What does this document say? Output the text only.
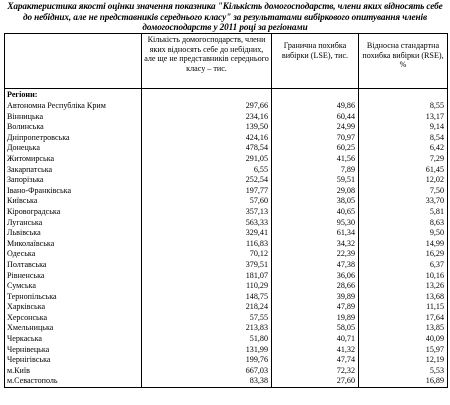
Характеристика якості оцінки значення показника "Кількість домогосподарств, члени яких відносять себе до небідних, але не представників середнього класу" за результатами вибіркового опитування членів домогосподарств у 2011 році за регіонами
	Кількість домогосподарств, члени яких відносять себе до небідних, але ще не представників середнього класу – тис.	Гранична похибка вибірки (LSE), тис.	Відносна стандартна похибка вибірки (RSE), %
Регіони:			
Автономна Республіка Крим	297,66	49,86	8,55
Вінницька	234,16	60,44	13,17
Волинська	139,50	24,99	9,14
Дніпропетровська	424,16	70,97	8,54
Донецька	478,54	60,25	6,42
Житомирська	291,05	41,56	7,29
Закарпатська	6,55	7,89	61,45
Запорізька	252,54	59,51	12,02
Івано-Франківська	197,77	29,08	7,50
Київська	57,60	38,05	33,70
Кіровоградська	357,13	40,65	5,81
Луганська	563,33	95,30	8,63
Львівська	329,41	61,34	9,50
Миколаївська	116,83	34,32	14,99
Одеська	70,12	22,39	16,29
Полтавська	379,51	47,38	6,37
Рівненська	181,07	36,06	10,16
Сумська	110,29	28,66	13,26
Тернопільська	148,75	39,89	13,68
Харківська	218,24	47,89	11,15
Херсонська	57,55	19,89	17,64
Хмельницька	213,83	58,05	13,85
Черкаська	51,80	40,71	40,09
Чернівецька	131,99	41,32	15,97
Чернігівська	199,76	47,74	12,19
м.Київ	667,03	72,32	5,53
м.Севастополь	83,38	27,60	16,89
